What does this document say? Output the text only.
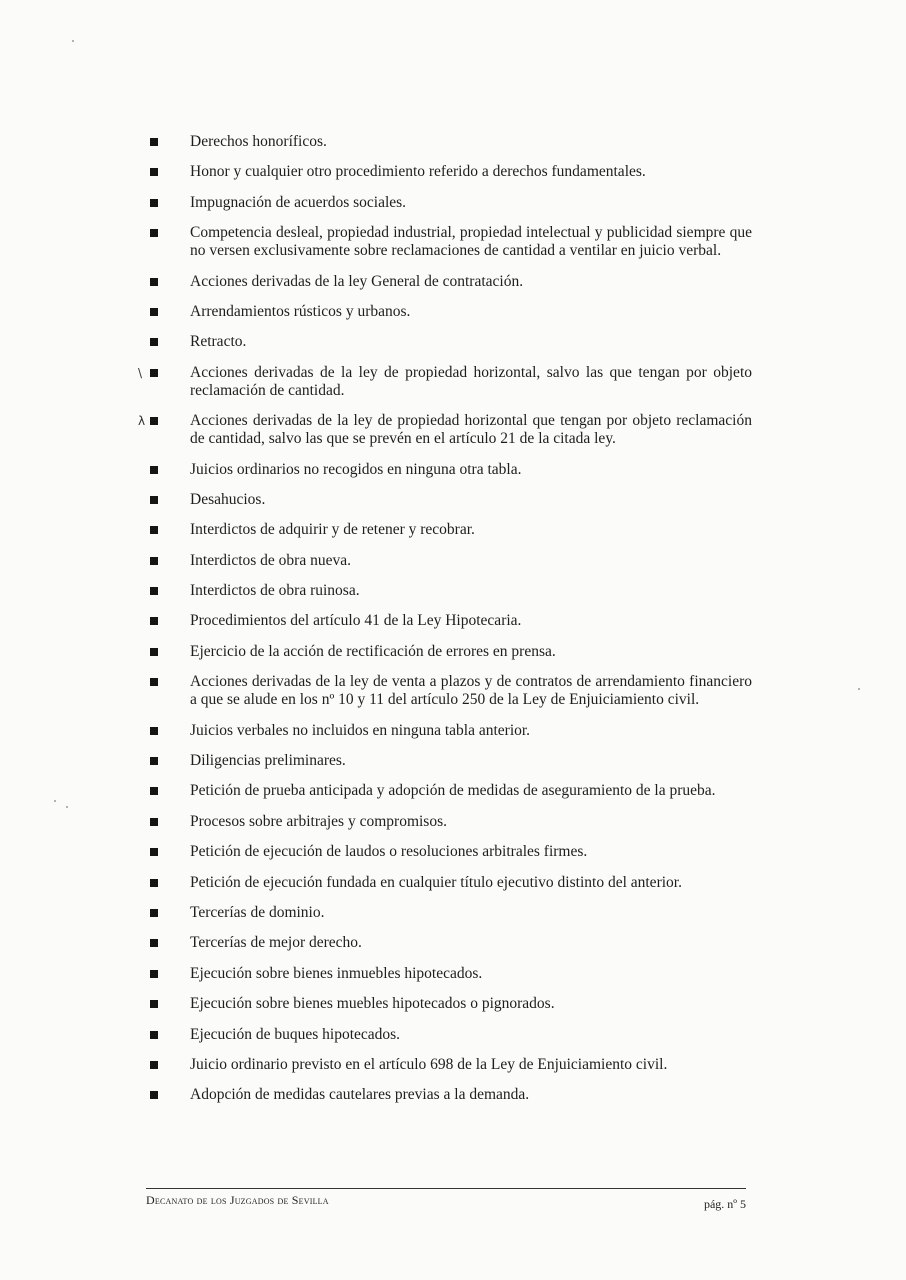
Derechos honoríficos.
Honor y cualquier otro procedimiento referido a derechos fundamentales.
Impugnación de acuerdos sociales.
Competencia desleal, propiedad industrial, propiedad intelectual y publicidad siempre que no versen exclusivamente sobre reclamaciones de cantidad a ventilar en juicio verbal.
Acciones derivadas de la ley General de contratación.
Arrendamientos rústicos y urbanos.
Retracto.
\	Acciones derivadas de la ley de propiedad horizontal, salvo las que tengan por objeto reclamación de cantidad.
λ	Acciones derivadas de la ley de propiedad horizontal que tengan por objeto reclamación de cantidad, salvo las que se prevén en el artículo 21 de la citada ley.
Juicios ordinarios no recogidos en ninguna otra tabla.
Desahucios.
Interdictos de adquirir y de retener y recobrar.
Interdictos de obra nueva.
Interdictos de obra ruinosa.
Procedimientos del artículo 41 de la Ley Hipotecaria.
Ejercicio de la acción de rectificación de errores en prensa.
Acciones derivadas de la ley de venta a plazos y de contratos de arrendamiento financiero a que se alude en los nº 10 y 11 del artículo 250 de la Ley de Enjuiciamiento civil.
Juicios verbales no incluidos en ninguna tabla anterior.
Diligencias preliminares.
Petición de prueba anticipada y adopción de medidas de aseguramiento de la prueba.
Procesos sobre arbitrajes y compromisos.
Petición de ejecución de laudos o resoluciones arbitrales firmes.
Petición de ejecución fundada en cualquier título ejecutivo distinto del anterior.
Tercerías de dominio.
Tercerías de mejor derecho.
Ejecución sobre bienes inmuebles hipotecados.
Ejecución sobre bienes muebles hipotecados o pignorados.
Ejecución de buques hipotecados.
Juicio ordinario previsto en el artículo 698 de la Ley de Enjuiciamiento civil.
Adopción de medidas cautelares previas a la demanda.
Decanato de los Juzgados de Sevilla	pág. nº 5
